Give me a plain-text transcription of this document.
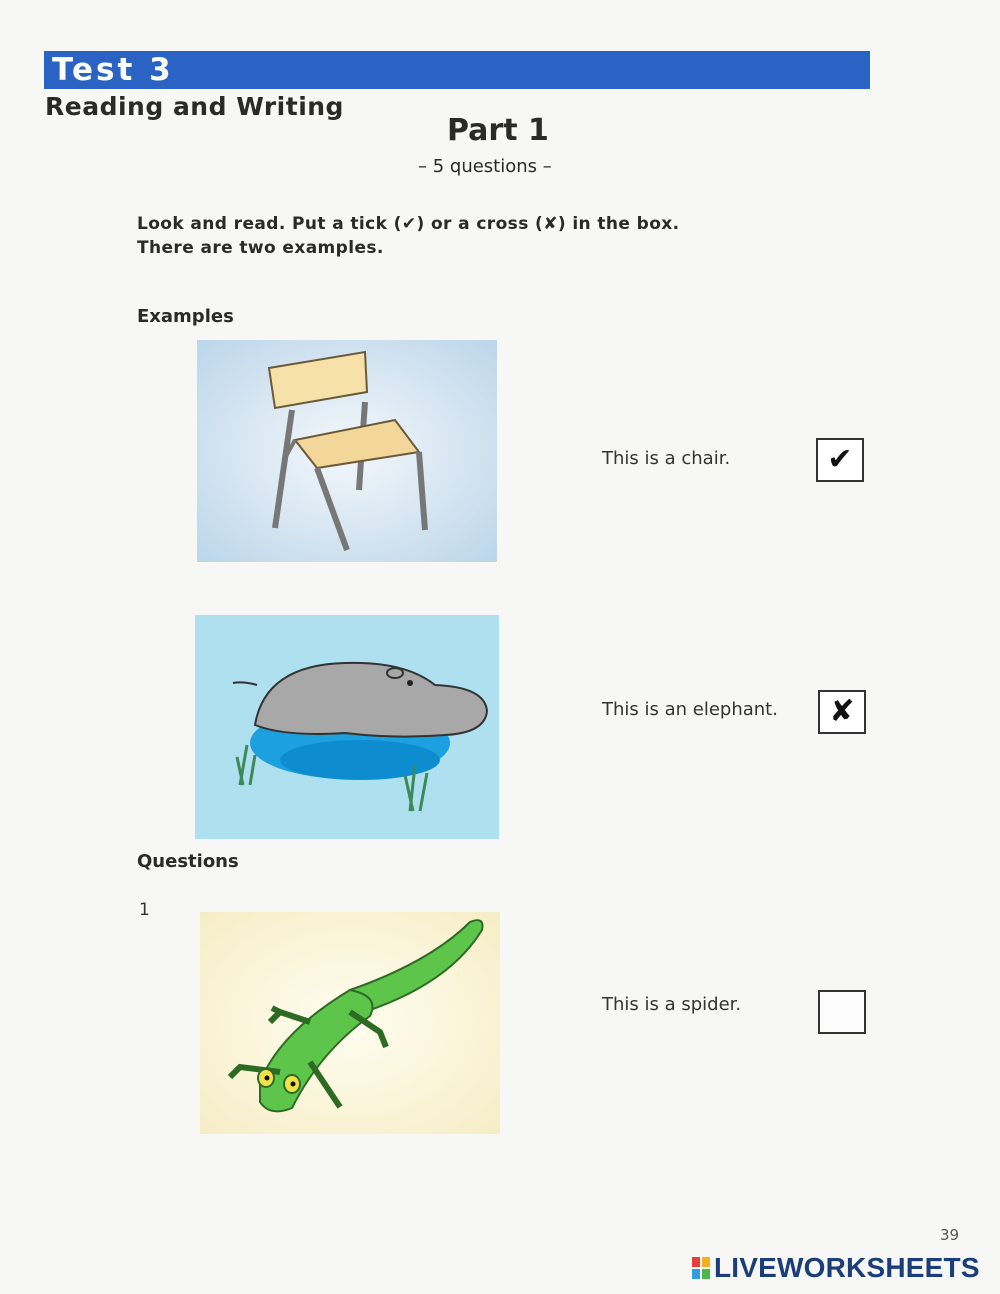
Test 3
Reading and Writing
Part 1
– 5 questions –
Look and read. Put a tick (✔) or a cross (✘) in the box.
There are two examples.
Examples
This is a chair.	✔
This is an elephant.	✘
Questions
1
This is a spider.
39
LIVEWORKSHEETS
